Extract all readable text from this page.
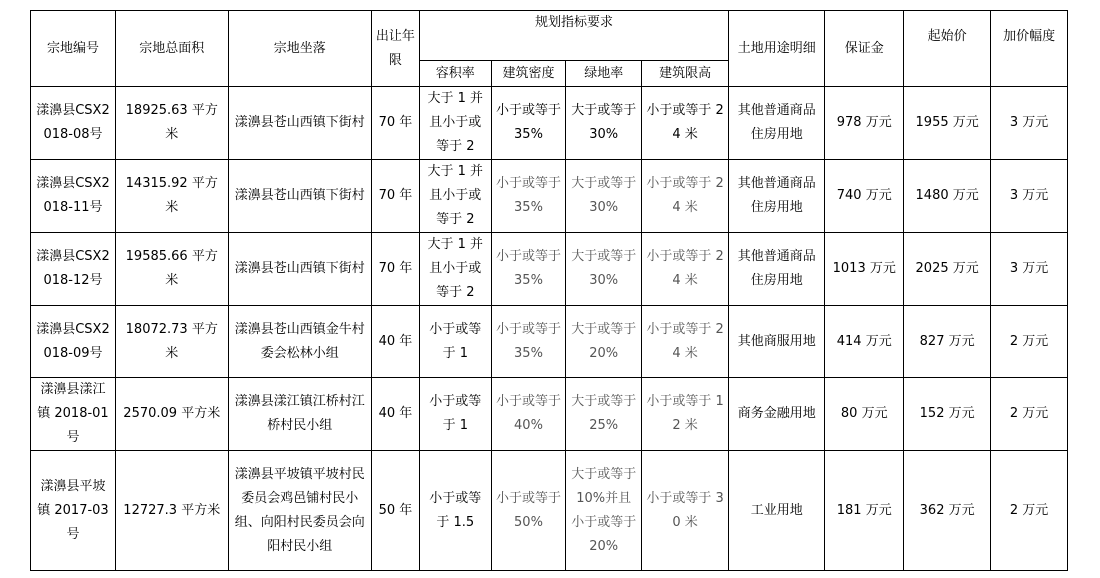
宗地编号	宗地总面积	宗地坐落	出让年限	规划指标要求				土地用途明细	保证金	起始价	加价幅度
				容积率	建筑密度	绿地率	建筑限高				
漾濞县CSX2018-08号	18925.63 平方米	漾濞县苍山西镇下街村	70 年	大于 1 并且小于或等于 2	小于或等于 35%	大于或等于 30%	小于或等于 24 米	其他普通商品住房用地	978 万元	1955 万元	3 万元
漾濞县CSX2018-11号	14315.92 平方米	漾濞县苍山西镇下街村	70 年	大于 1 并且小于或等于 2	小于或等于 35%	大于或等于 30%	小于或等于 24 米	其他普通商品住房用地	740 万元	1480 万元	3 万元
漾濞县CSX2018-12号	19585.66 平方米	漾濞县苍山西镇下街村	70 年	大于 1 并且小于或等于 2	小于或等于 35%	大于或等于 30%	小于或等于 24 米	其他普通商品住房用地	1013 万元	2025 万元	3 万元
漾濞县CSX2018-09号	18072.73 平方米	漾濞县苍山西镇金牛村委会松林小组	40 年	小于或等于 1	小于或等于 35%	大于或等于 20%	小于或等于 24 米	其他商服用地	414 万元	827 万元	2 万元
漾濞县漾江镇 2018-01号	2570.09 平方米	漾濞县漾江镇江桥村江桥村民小组	40 年	小于或等于 1	小于或等于 40%	大于或等于 25%	小于或等于 12 米	商务金融用地	80 万元	152 万元	2 万元
漾濞县平坡镇 2017-03号	12727.3 平方米	漾濞县平坡镇平坡村民委员会鸡邑铺村民小组、向阳村民委员会向阳村民小组	50 年	小于或等于 1.5	小于或等于 50%	大于或等于 10%并且小于或等于 20%	小于或等于 30 米	工业用地	181 万元	362 万元	2 万元
